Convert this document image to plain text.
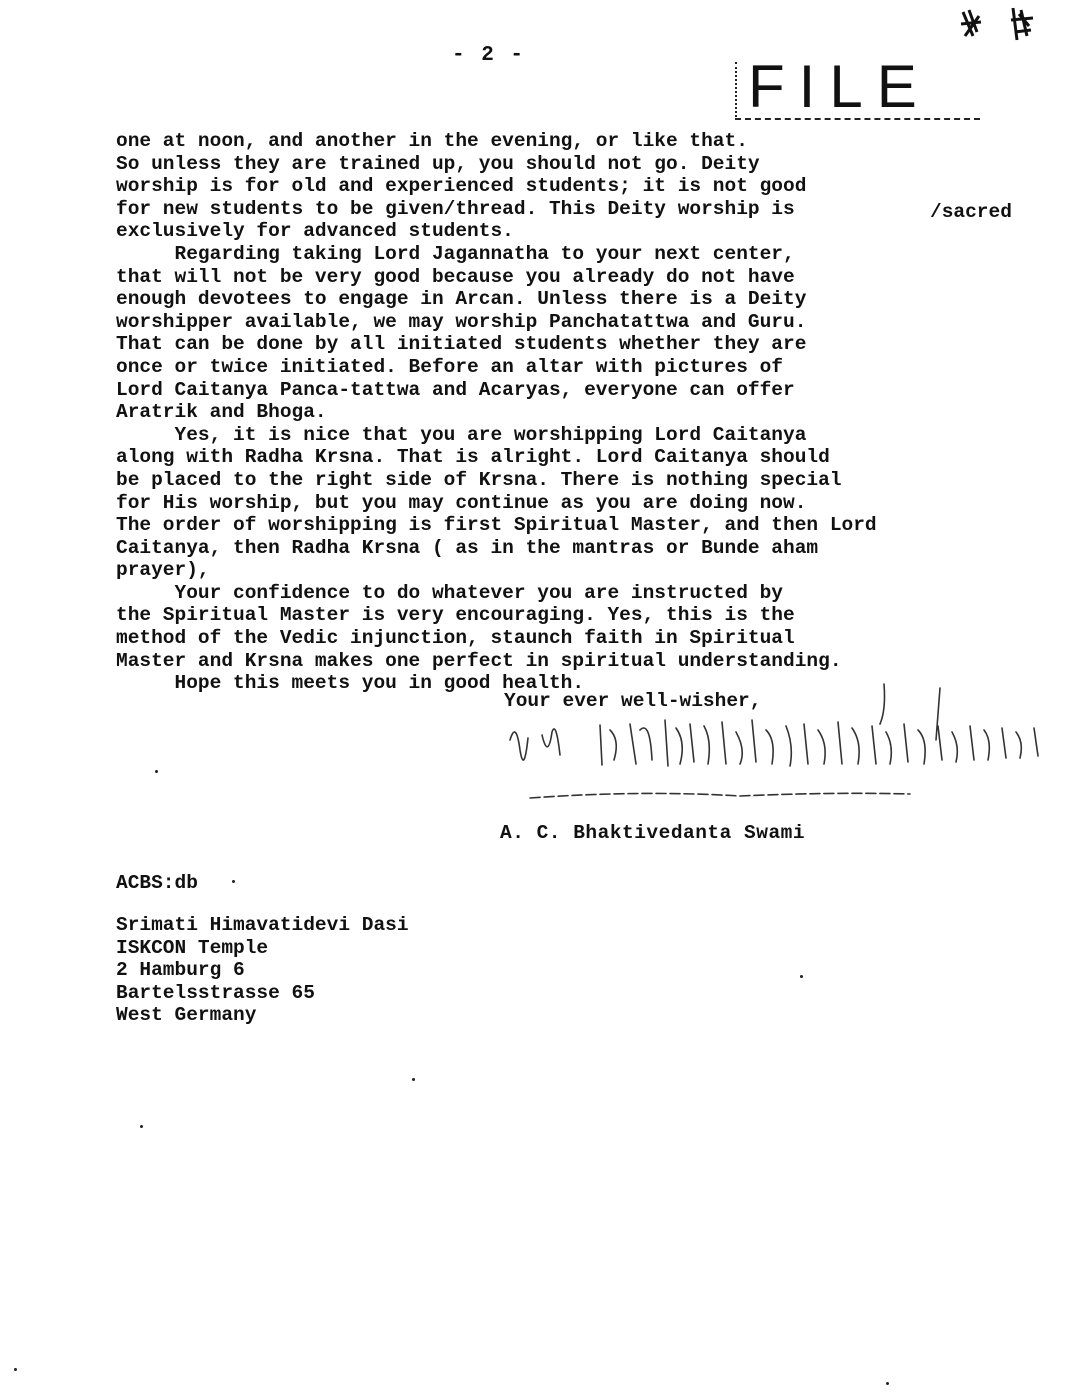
- 2 -	FILE

one at noon, and another in the evening, or like that.

So unless they are trained up, you should not go. Deity

worship is for old and experienced students; it is not good

for new students to be given/thread. This Deity worship is

exclusively for advanced students.

Regarding taking Lord Jagannatha to your next center,

that will not be very good because you already do not have

enough devotees to engage in Arcan. Unless there is a Deity

worshipper available, we may worship Panchatattwa and Guru.

That can be done by all initiated students whether they are

once or twice initiated. Before an altar with pictures of

Lord Caitanya Panca-tattwa and Acaryas, everyone can offer

Aratrik and Bhoga.

Yes, it is nice that you are worshipping Lord Caitanya

along with Radha Krsna. That is alright. Lord Caitanya should

be placed to the right side of Krsna. There is nothing special

for His worship, but you may continue as you are doing now.

The order of worshipping is first Spiritual Master, and then Lord

Caitanya, then Radha Krsna ( as in the mantras or Bunde aham

prayer),

Your confidence to do whatever you are instructed by

the Spiritual Master is very encouraging. Yes, this is the

method of the Vedic injunction, staunch faith in Spiritual

Master and Krsna makes one perfect in spiritual understanding.

Hope this meets you in good health.

/sacred
Your ever well-wisher,
A. C. Bhaktivedanta Swami
ACBS:db
Srimati Himavatidevi Dasi
ISKCON Temple
2 Hamburg 6
Bartelsstrasse 65
West Germany
